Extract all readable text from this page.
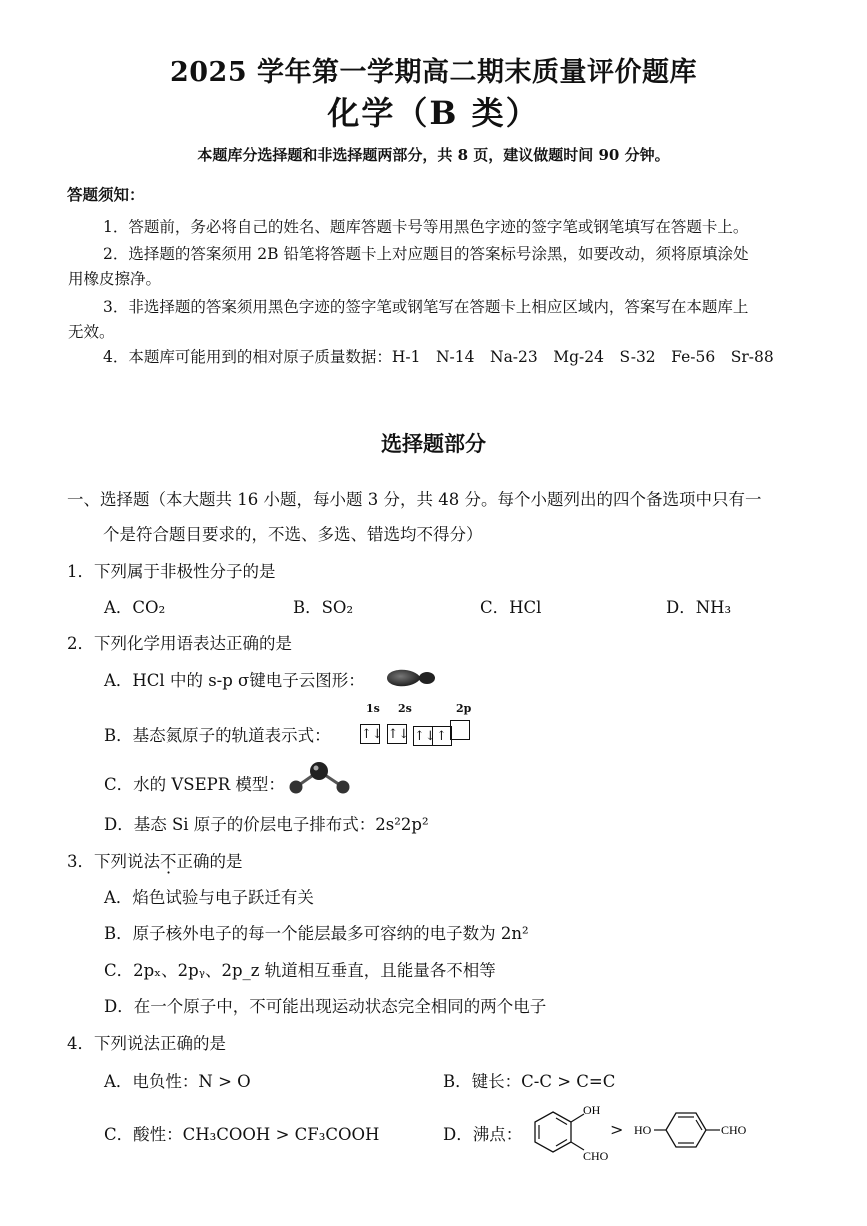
2025 学年第一学期高二期末质量评价题库
化学（B 类）
本题库分选择题和非选择题两部分，共 8 页，建议做题时间 90 分钟。
答题须知：
1．答题前，务必将自己的姓名、题库答题卡号等用黑色字迹的签字笔或钢笔填写在答题卡上。
2．选择题的答案须用 2B 铅笔将答题卡上对应题目的答案标号涂黑，如要改动，须将原填涂处
用橡皮擦净。
3．非选择题的答案须用黑色字迹的签字笔或钢笔写在答题卡上相应区域内，答案写在本题库上
无效。
4．本题库可能用到的相对原子质量数据：H-1　N-14　Na-23　Mg-24　S-32　Fe-56　Sr-88
选择题部分
一、选择题（本大题共 16 小题，每小题 3 分，共 48 分。每个小题列出的四个备选项中只有一
个是符合题目要求的，不选、多选、错选均不得分）
1．下列属于非极性分子的是
A．CO₂	B．SO₂	C．HCl	D．NH₃
2．下列化学用语表达正确的是
A．HCl 中的 s-p σ键电子云图形：
B．基态氮原子的轨道表示式：
1s 2s	2p
↑↓ ↑↓ ↑↓↑
C．水的 VSEPR 模型：
D．基态 Si 原子的价层电子排布式：2s²2p²
3．下列说法不正确的是
A．焰色试验与电子跃迁有关
B．原子核外电子的每一个能层最多可容纳的电子数为 2n²
C．2pₓ、2pᵧ、2p_z 轨道相互垂直，且能量各不相等
D．在一个原子中，不可能出现运动状态完全相同的两个电子
4．下列说法正确的是
A．电负性：N > O	B．键长：C-C > C=C
C．酸性：CH₃COOH > CF₃COOH	D．沸点：
OH
CHO
> HO	CHO
